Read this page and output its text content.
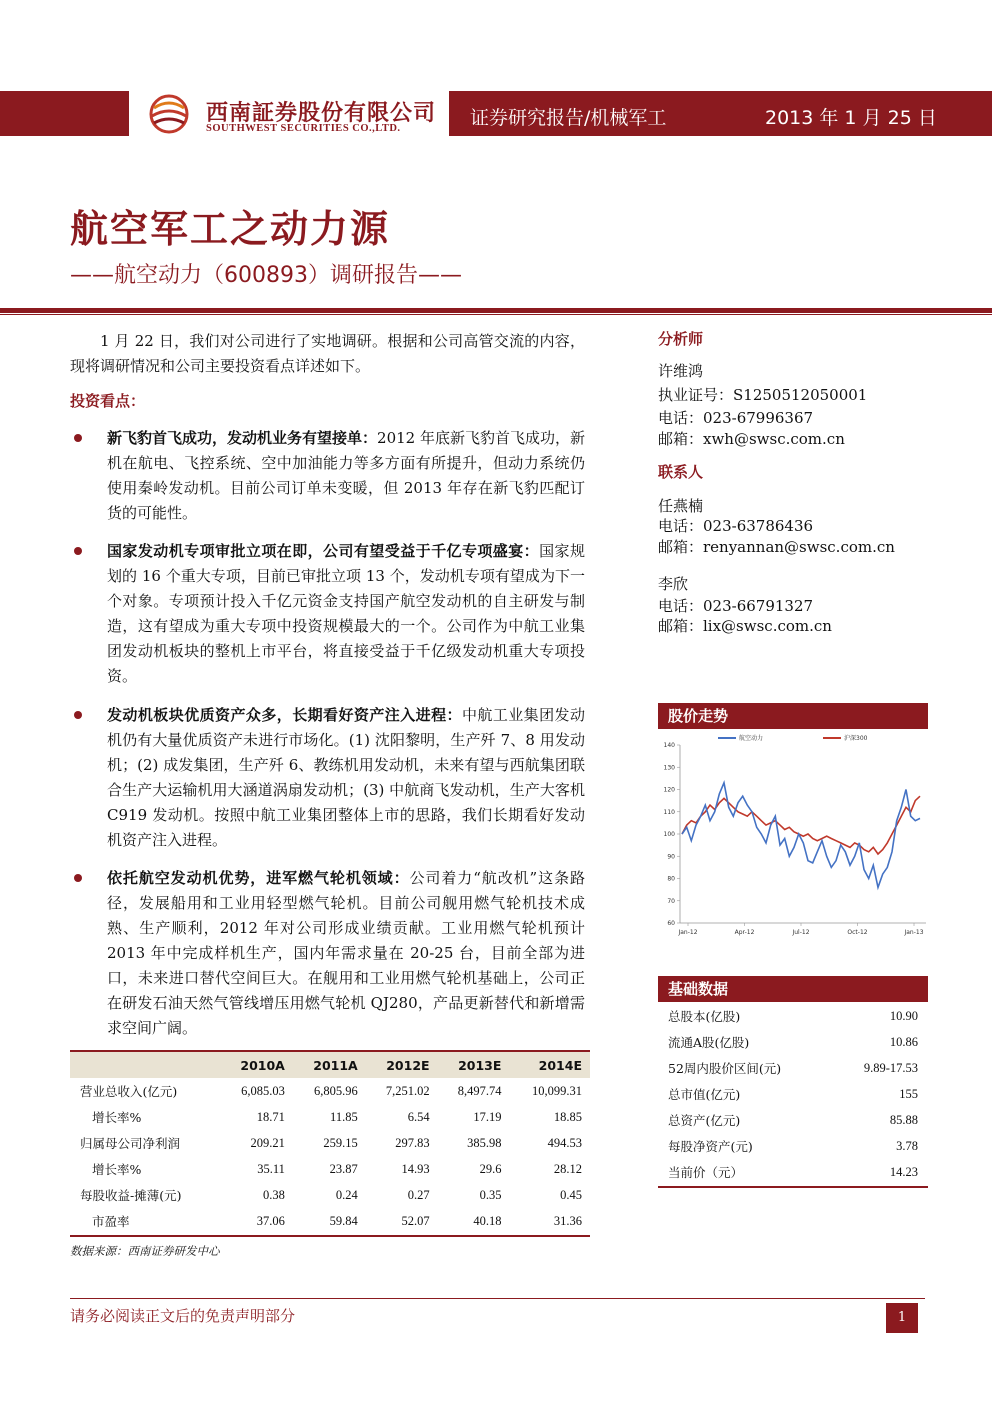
西南証券股份有限公司
SOUTHWEST SECURITIES CO.,LTD.	证券研究报告/机械军工	2013 年 1 月 25 日
航空军工之动力源
——航空动力（600893）调研报告——
1 月 22 日，我们对公司进行了实地调研。根据和公司高管交流的内容，现将调研情况和公司主要投资看点详述如下。
投资看点：
新飞豹首飞成功，发动机业务有望接单：2012 年底新飞豹首飞成功，新机在航电、飞控系统、空中加油能力等多方面有所提升，但动力系统仍使用秦岭发动机。目前公司订单未变暖，但 2013 年存在新飞豹匹配订货的可能性。
国家发动机专项审批立项在即，公司有望受益于千亿专项盛宴：国家规划的 16 个重大专项，目前已审批立项 13 个，发动机专项有望成为下一个对象。专项预计投入千亿元资金支持国产航空发动机的自主研发与制造，这有望成为重大专项中投资规模最大的一个。公司作为中航工业集团发动机板块的整机上市平台，将直接受益于千亿级发动机重大专项投资。
发动机板块优质资产众多，长期看好资产注入进程：中航工业集团发动机仍有大量优质资产未进行市场化。(1) 沈阳黎明，生产歼 7、8 用发动机；(2) 成发集团，生产歼 6、教练机用发动机，未来有望与西航集团联合生产大运输机用大涵道涡扇发动机；(3) 中航商飞发动机，生产大客机 C919 发动机。按照中航工业集团整体上市的思路，我们长期看好发动机资产注入进程。
依托航空发动机优势，进军燃气轮机领域：公司着力“航改机”这条路径，发展船用和工业用轻型燃气轮机。目前公司舰用燃气轮机技术成熟、生产顺利，2012 年对公司形成业绩贡献。工业用燃气轮机预计 2013 年中完成样机生产，国内年需求量在 20-25 台，目前全部为进口，未来进口替代空间巨大。在舰用和工业用燃气轮机基础上，公司正在研发石油天然气管线增压用燃气轮机 QJ280，产品更新替代和新增需求空间广阔。
	2010A	2011A	2012E	2013E	2014E
营业总收入(亿元)	6,085.03	6,805.96	7,251.02	8,497.74	10,099.31
增长率%	18.71	11.85	6.54	17.19	18.85
归属母公司净利润	209.21	259.15	297.83	385.98	494.53
增长率%	35.11	23.87	14.93	29.6	28.12
每股收益-摊薄(元)	0.38	0.24	0.27	0.35	0.45
市盈率	37.06	59.84	52.07	40.18	31.36
数据来源：西南证券研发中心
分析师
许维鸿
执业证号：S1250512050001
电话：023-67996367
邮箱：xwh@swsc.com.cn
联系人
任燕楠
电话：023-63786436
邮箱：renyannan@swsc.com.cn
李欣
电话：023-66791327
邮箱：lix@swsc.com.cn
股价走势
60
70
80
90
100
110
120
130
140
Jan-12	Apr-12	Jul-12	Oct-12	Jan-13
航空动力	沪深300
基础数据
总股本(亿股)	10.90
流通A股(亿股)	10.86
52周内股价区间(元)	9.89-17.53
总市值(亿元)	155
总资产(亿元)	85.88
每股净资产(元)	3.78
当前价（元）	14.23
请务必阅读正文后的免责声明部分	1
